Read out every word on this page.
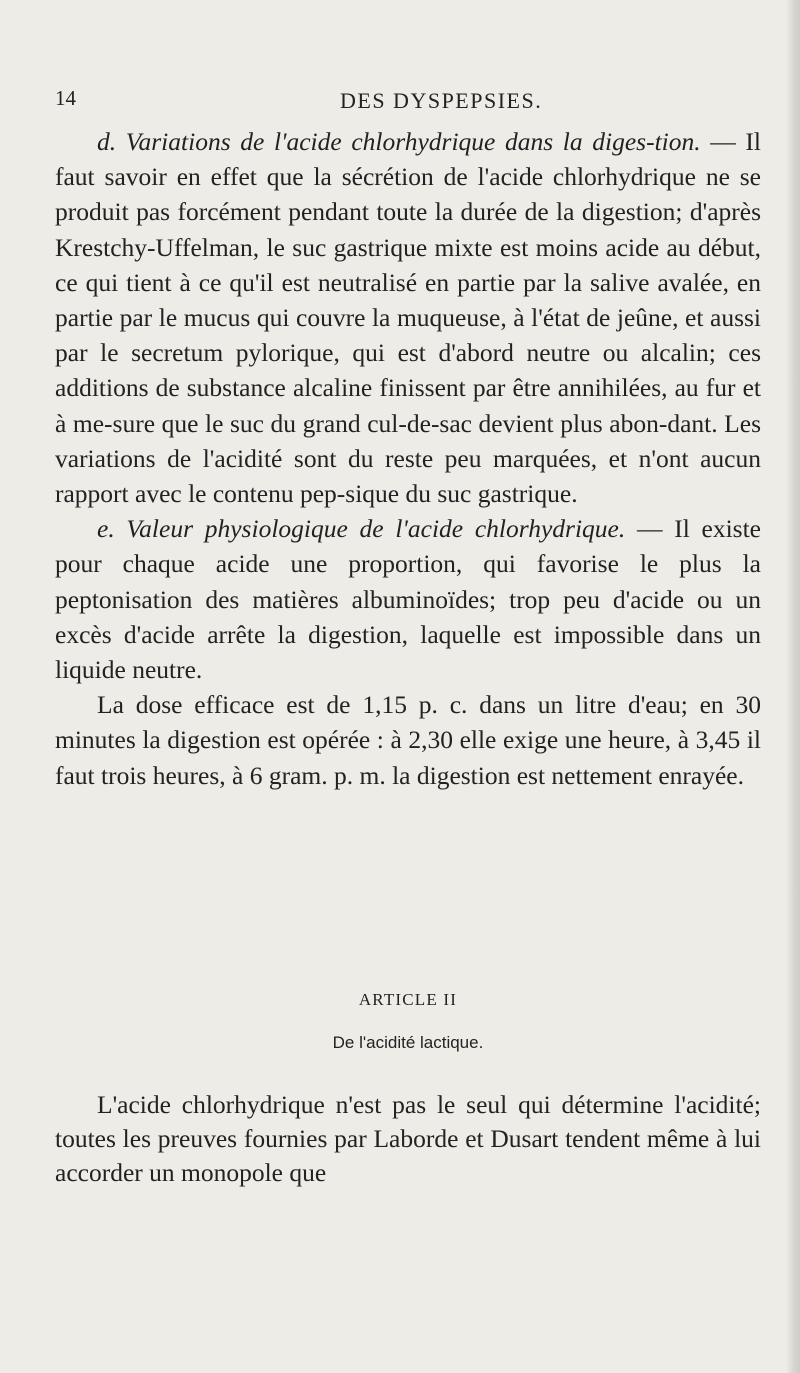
14	DES DYSPEPSIES.

d. Variations de l'acide chlorhydrique dans la diges-tion. — Il faut savoir en effet que la sécrétion de l'acide chlorhydrique ne se produit pas forcément pendant toute la durée de la digestion; d'après Krestchy-Uffelman, le suc gastrique mixte est moins acide au début, ce qui tient à ce qu'il est neutralisé en partie par la salive avalée, en partie par le mucus qui couvre la muqueuse, à l'état de jeûne, et aussi par le secretum pylorique, qui est d'abord neutre ou alcalin; ces additions de substance alcaline finissent par être annihilées, au fur et à me-sure que le suc du grand cul-de-sac devient plus abon-dant. Les variations de l'acidité sont du reste peu marquées, et n'ont aucun rapport avec le contenu pep-sique du suc gastrique.

e. Valeur physiologique de l'acide chlorhydrique. — Il existe pour chaque acide une proportion, qui favorise le plus la peptonisation des matières albuminoïdes; trop peu d'acide ou un excès d'acide arrête la digestion, laquelle est impossible dans un liquide neutre.

La dose efficace est de 1,15 p. c. dans un litre d'eau; en 30 minutes la digestion est opérée : à 2,30 elle exige une heure, à 3,45 il faut trois heures, à 6 gram. p. m. la digestion est nettement enrayée.

ARTICLE II
De l'acidité lactique.

L'acide chlorhydrique n'est pas le seul qui détermine l'acidité; toutes les preuves fournies par Laborde et Dusart tendent même à lui accorder un monopole que
